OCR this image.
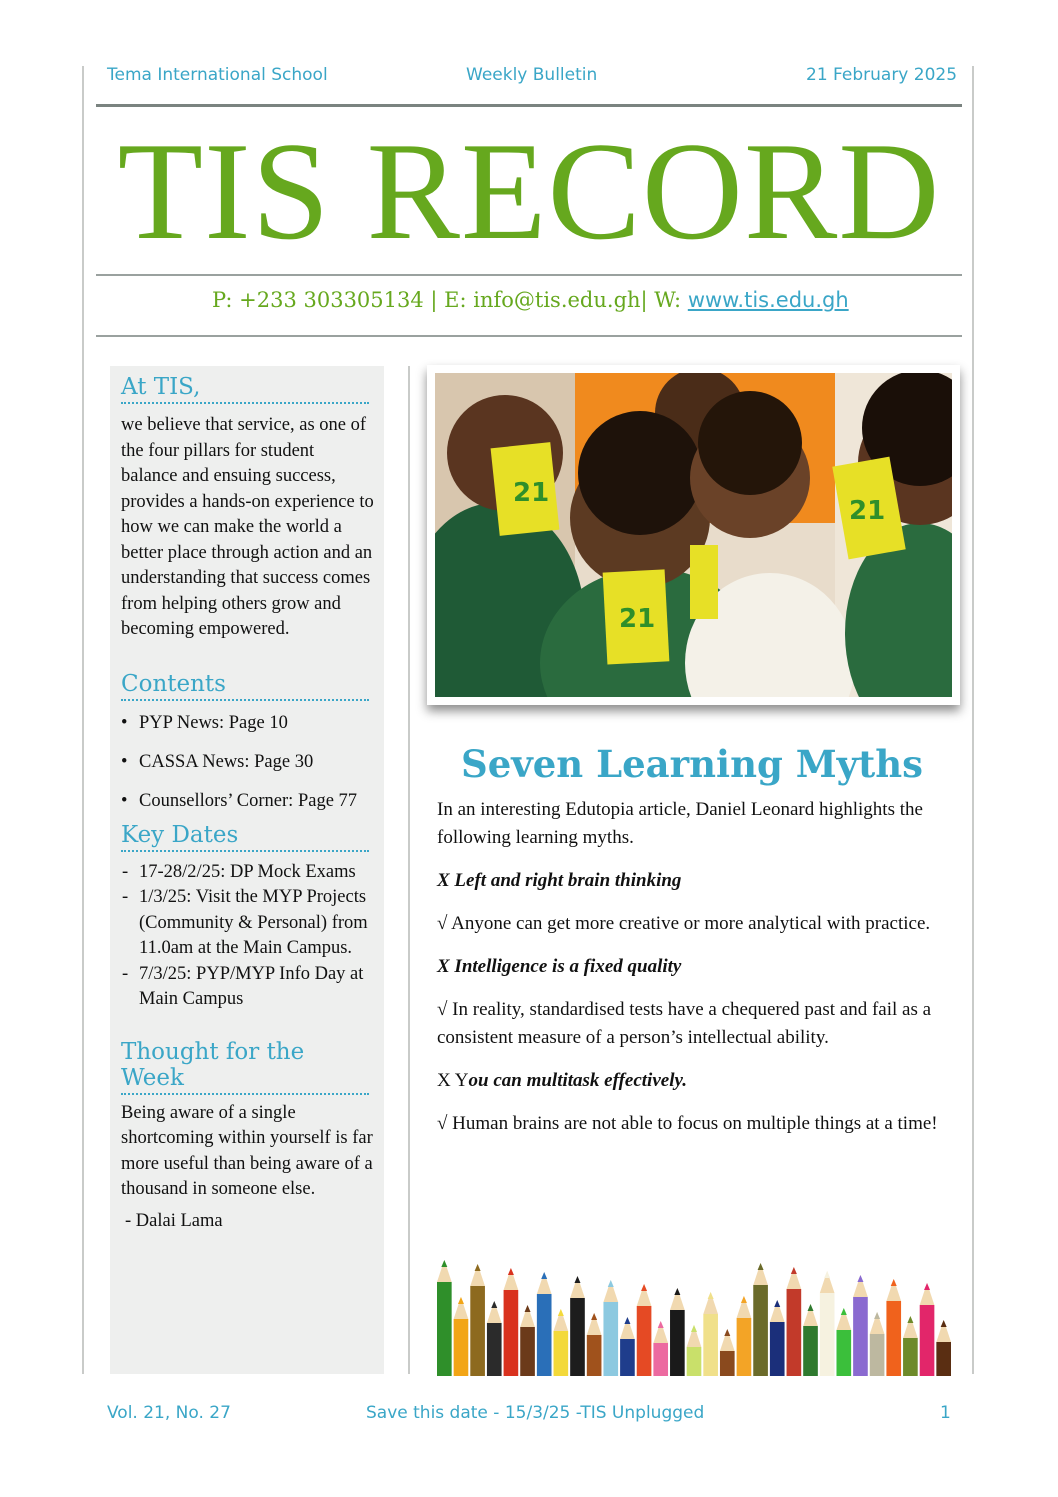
Tema International School	Weekly Bulletin	21 February 2025
TIS RECORD
P: +233 303305134 | E: info@tis.edu.gh| W: www.tis.edu.gh
At TIS,
we believe that service, as one of the four pillars for student balance and ensuing success, provides a hands-on experience to how we can make the world a better place through action and an understanding that success comes from helping others grow and becoming empowered.
Contents
• PYP News: Page 10
• CASSA News: Page 30
• Counsellors’ Corner: Page 77
Key Dates
- 17-28/2/25: DP Mock Exams
- 1/3/25: Visit the MYP Projects (Community & Personal) from 11.0am at the Main Campus.
- 7/3/25: PYP/MYP Info Day at Main Campus
Thought for the Week
Being aware of a single shortcoming within yourself is far more useful than being aware of a thousand in someone else.
- Dalai Lama
21
21
21
Seven Learning Myths

In an interesting Edutopia article, Daniel Leonard highlights the following learning myths.

X Left and right brain thinking

√ Anyone can get more creative or more analytical with practice.

X Intelligence is a fixed quality

√ In reality, standardised tests have a chequered past and fail as a consistent measure of a person’s intellectual ability.

X You can multitask effectively.

√ Human brains are not able to focus on multiple things at a time!

Vol. 21, No. 27	Save this date - 15/3/25 -TIS Unplugged	1
